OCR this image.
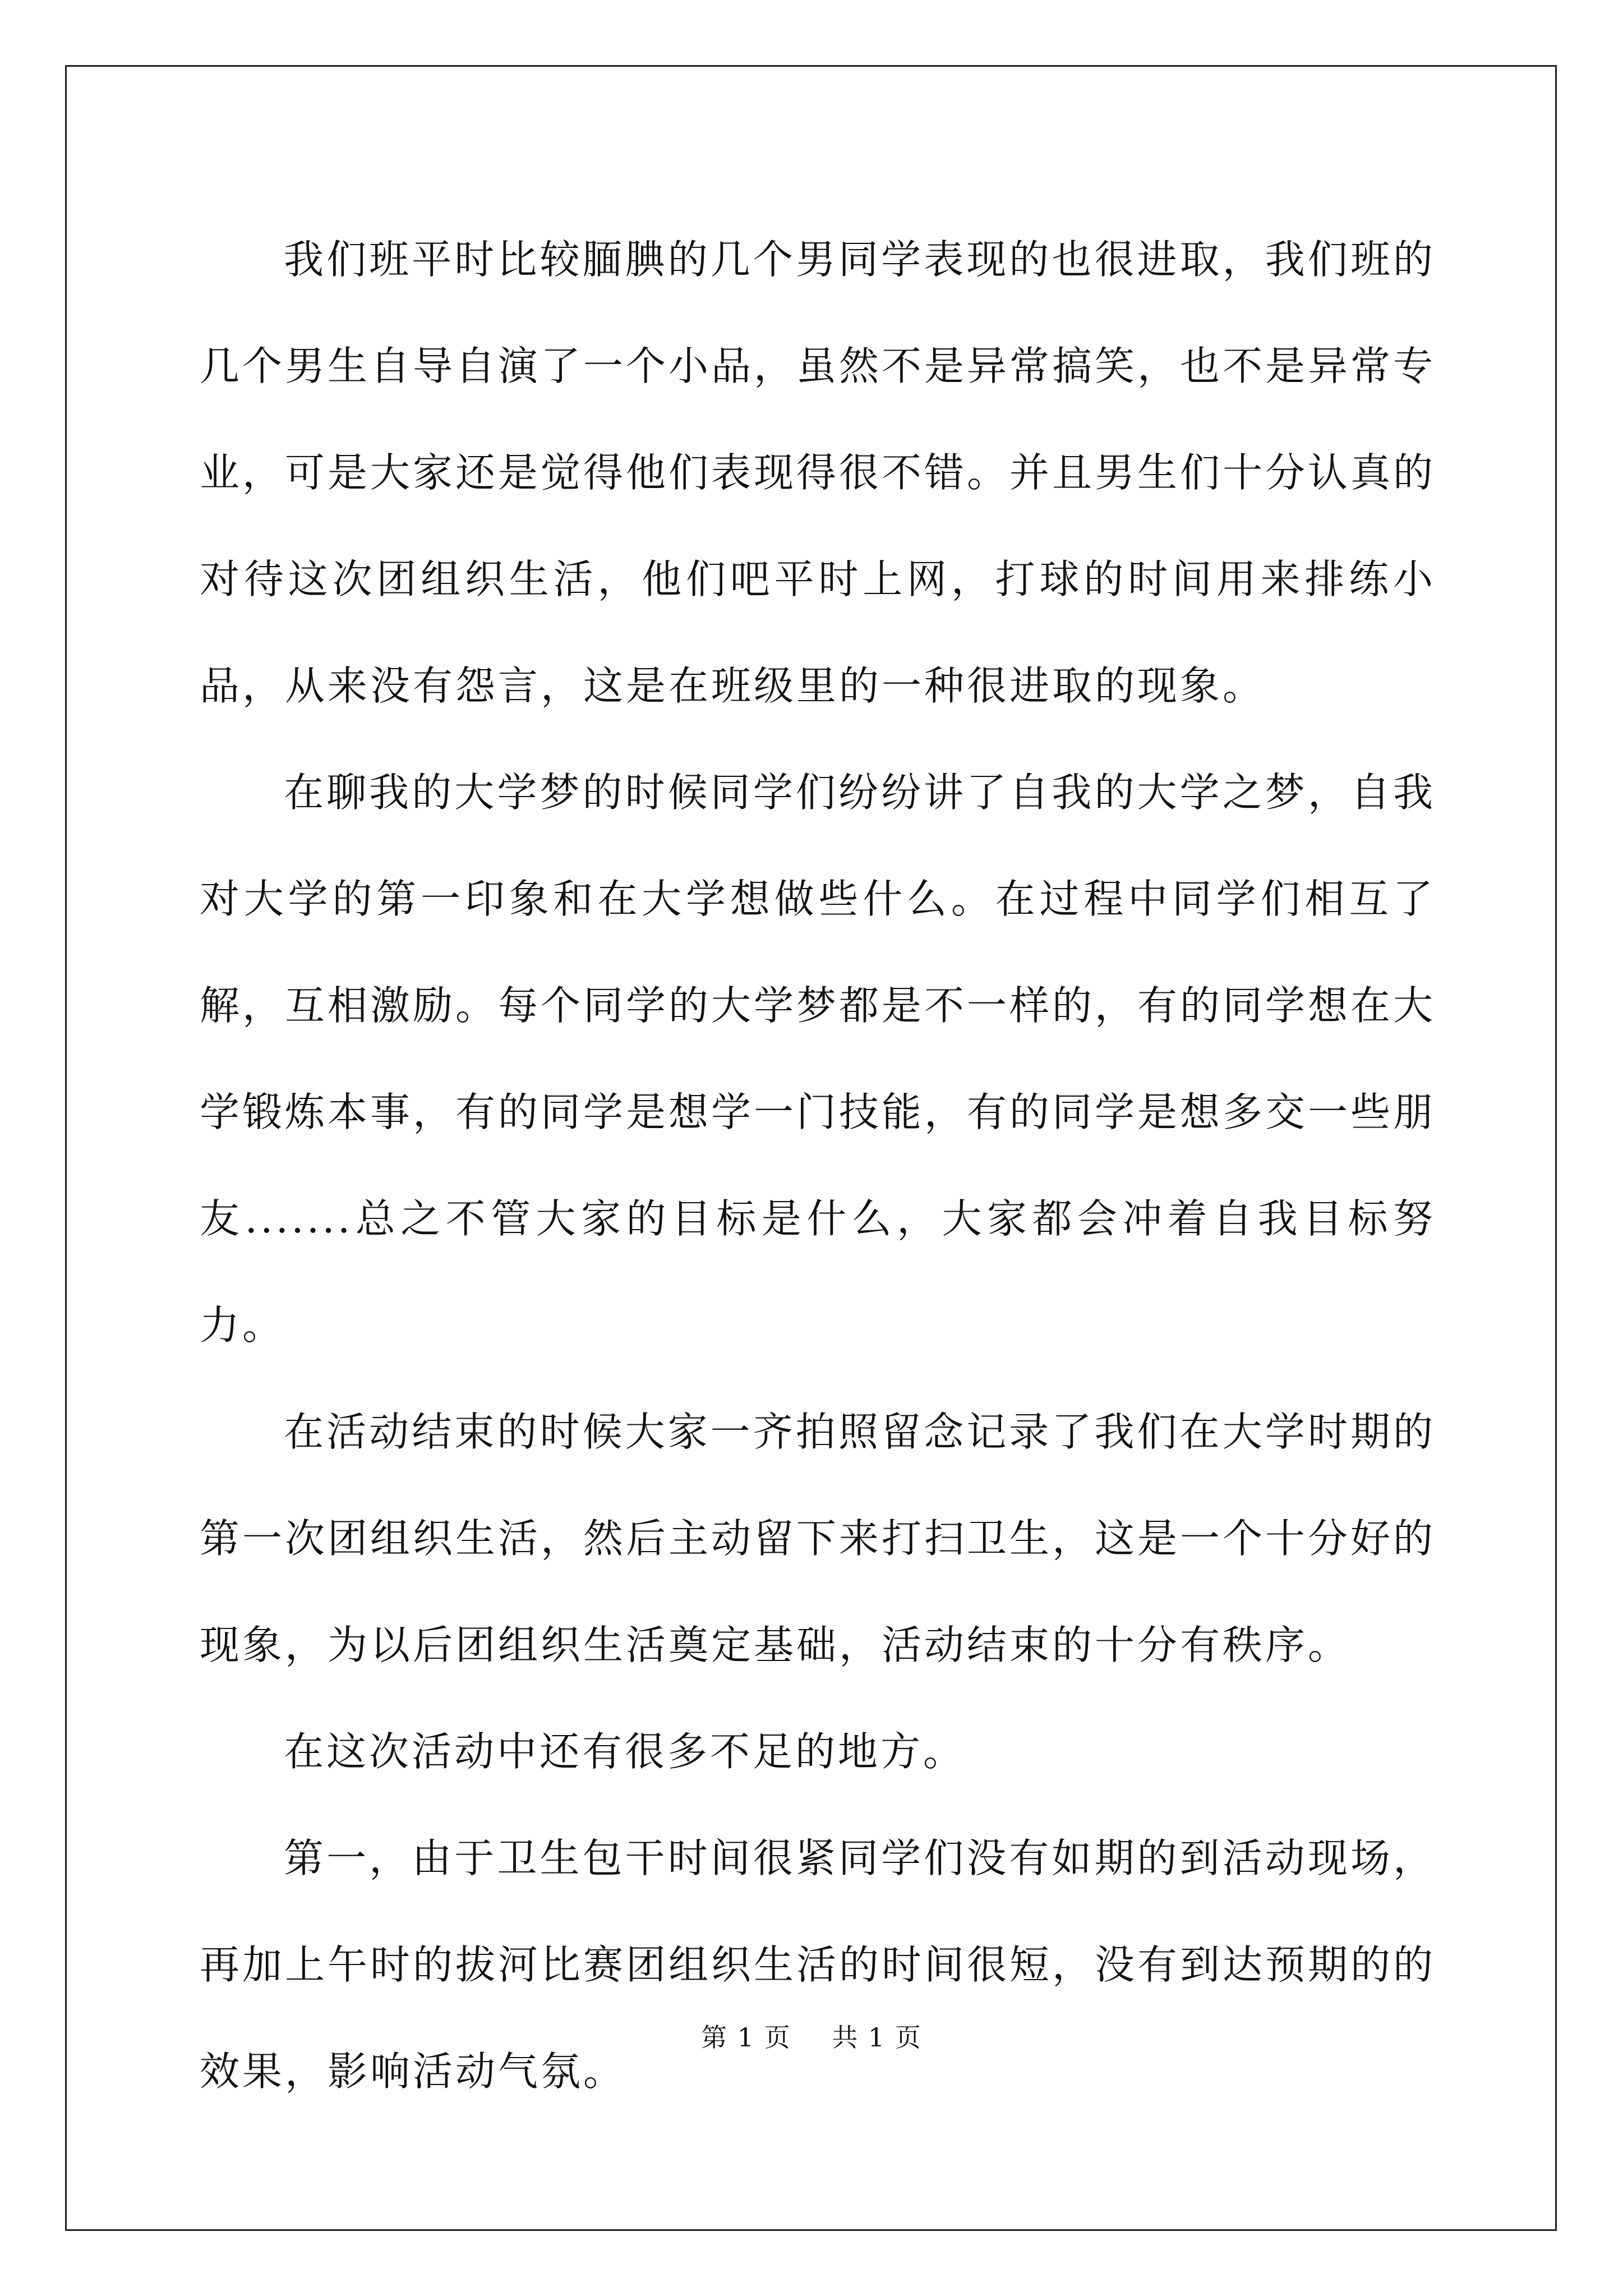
我们班平时比较腼腆的几个男同学表现的也很进取，我们班的几个男生自导自演了一个小品，虽然不是异常搞笑，也不是异常专业，可是大家还是觉得他们表现得很不错。并且男生们十分认真的对待这次团组织生活，他们吧平时上网，打球的时间用来排练小品，从来没有怨言，这是在班级里的一种很进取的现象。

在聊我的大学梦的时候同学们纷纷讲了自我的大学之梦，自我对大学的第一印象和在大学想做些什么。在过程中同学们相互了解，互相激励。每个同学的大学梦都是不一样的，有的同学想在大学锻炼本事，有的同学是想学一门技能，有的同学是想多交一些朋友.......总之不管大家的目标是什么，大家都会冲着自我目标努力。

在活动结束的时候大家一齐拍照留念记录了我们在大学时期的第一次团组织生活，然后主动留下来打扫卫生，这是一个十分好的现象，为以后团组织生活奠定基础，活动结束的十分有秩序。

在这次活动中还有很多不足的地方。

第一，由于卫生包干时间很紧同学们没有如期的到活动现场，再加上午时的拔河比赛团组织生活的时间很短，没有到达预期的的效果，影响活动气氛。

第 1 页 共 1 页
